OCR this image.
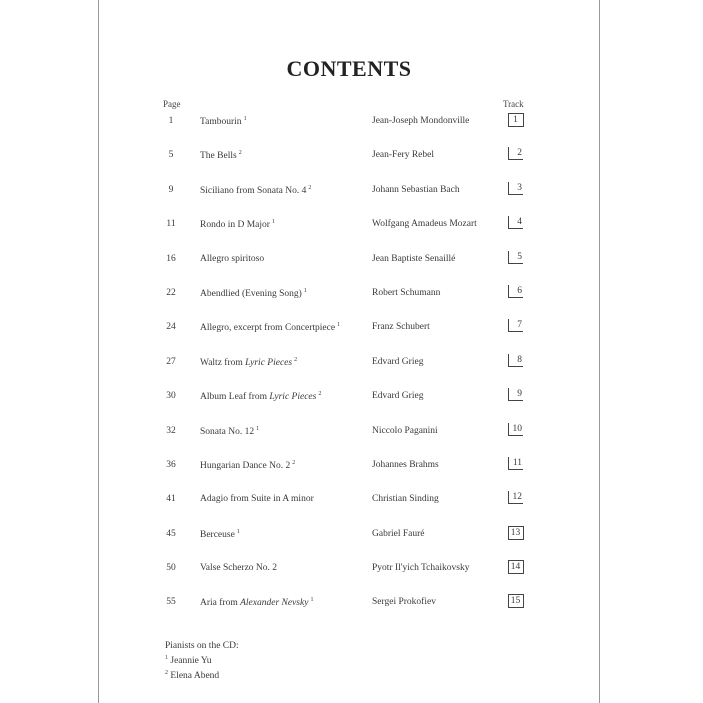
CONTENTS
Page	Track
1	Tambourin $^1$	Jean-Joseph Mondonville	1
5	The Bells $^2$	Jean-Fery Rebel	2
9	Siciliano from Sonata No. 4 $^2$	Johann Sebastian Bach	3
11	Rondo in D Major $^1$	Wolfgang Amadeus Mozart	4
16	Allegro spiritoso	Jean Baptiste Senaillé	5
22	Abendlied (Evening Song) $^1$	Robert Schumann	6
24	Allegro, excerpt from Concertpiece $^1$	Franz Schubert	7
27	Waltz from Lyric Pieces $^2$	Edvard Grieg	8
30	Album Leaf from Lyric Pieces $^2$	Edvard Grieg	9
32	Sonata No. 12 $^1$	Niccolo Paganini	10
36	Hungarian Dance No. 2 $^2$	Johannes Brahms	11
41	Adagio from Suite in A minor	Christian Sinding	12
45	Berceuse $^1$	Gabriel Fauré	13
50	Valse Scherzo No. 2	Pyotr Il'yich Tchaikovsky	14
55	Aria from Alexander Nevsky $^1$	Sergei Prokofiev	15
Pianists on the CD:
$^1$ Jeannie Yu
$^2$ Elena Abend
